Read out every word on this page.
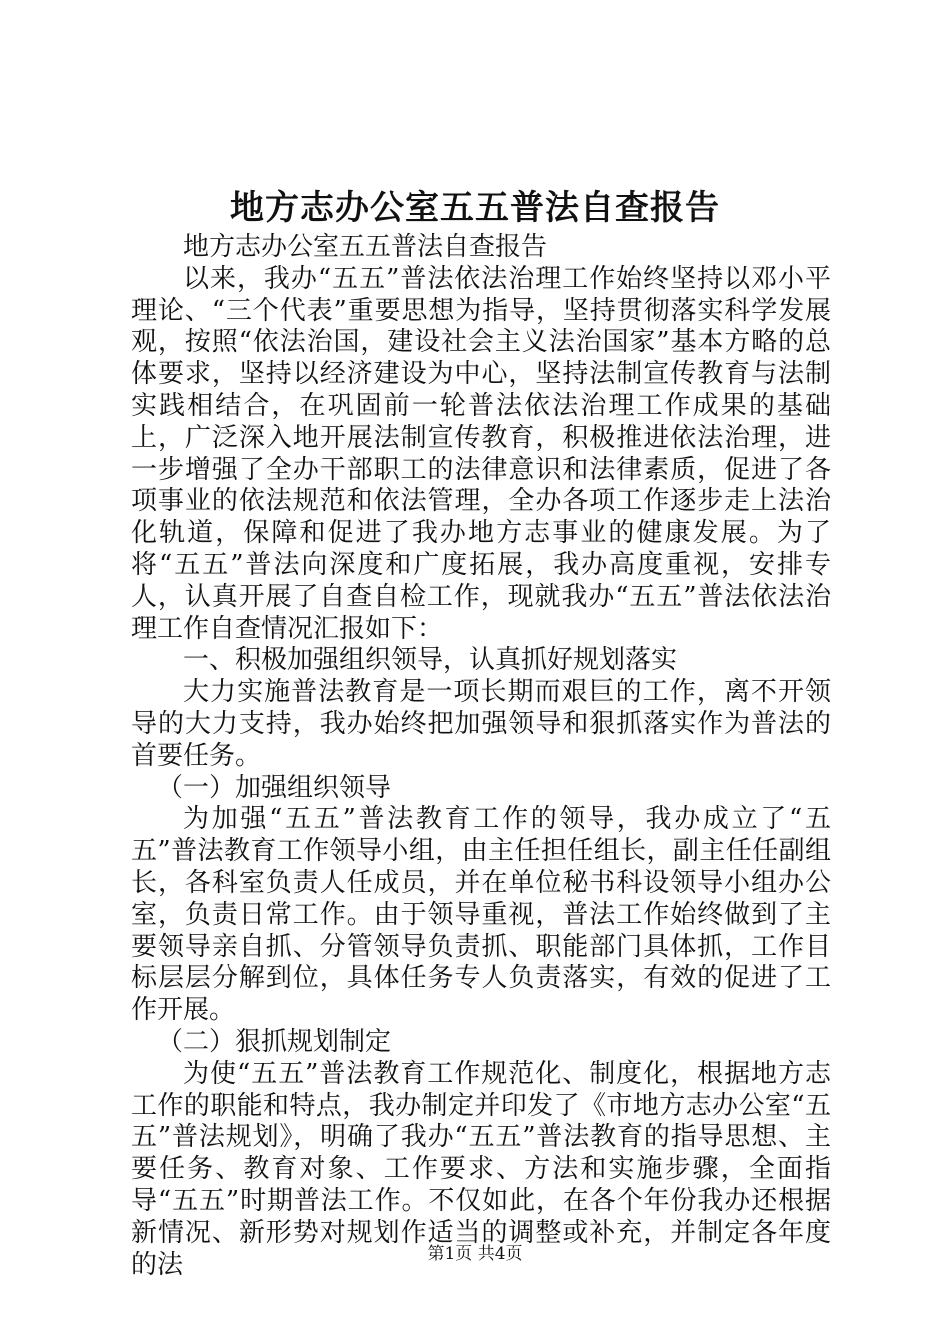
地方志办公室五五普法自查报告

地方志办公室五五普法自查报告

以来，我办“五五”普法依法治理工作始终坚持以邓小平理论、“三个代表”重要思想为指导，坚持贯彻落实科学发展观，按照“依法治国，建设社会主义法治国家”基本方略的总体要求，坚持以经济建设为中心，坚持法制宣传教育与法制实践相结合，在巩固前一轮普法依法治理工作成果的基础上，广泛深入地开展法制宣传教育，积极推进依法治理，进一步增强了全办干部职工的法律意识和法律素质，促进了各项事业的依法规范和依法管理，全办各项工作逐步走上法治化轨道，保障和促进了我办地方志事业的健康发展。为了将“五五”普法向深度和广度拓展，我办高度重视，安排专人，认真开展了自查自检工作，现就我办“五五”普法依法治理工作自查情况汇报如下：

一、积极加强组织领导，认真抓好规划落实

大力实施普法教育是一项长期而艰巨的工作，离不开领导的大力支持，我办始终把加强领导和狠抓落实作为普法的首要任务。

（一）加强组织领导

为加强“五五”普法教育工作的领导，我办成立了“五五”普法教育工作领导小组，由主任担任组长，副主任任副组长，各科室负责人任成员，并在单位秘书科设领导小组办公室，负责日常工作。由于领导重视，普法工作始终做到了主要领导亲自抓、分管领导负责抓、职能部门具体抓，工作目标层层分解到位，具体任务专人负责落实，有效的促进了工作开展。

（二）狠抓规划制定

为使“五五”普法教育工作规范化、制度化，根据地方志工作的职能和特点，我办制定并印发了《市地方志办公室“五五”普法规划》，明确了我办“五五”普法教育的指导思想、主要任务、教育对象、工作要求、方法和实施步骤，全面指导“五五”时期普法工作。不仅如此，在各个年份我办还根据新情况、新形势对规划作适当的调整或补充，并制定各年度的法	第1页 共4页
